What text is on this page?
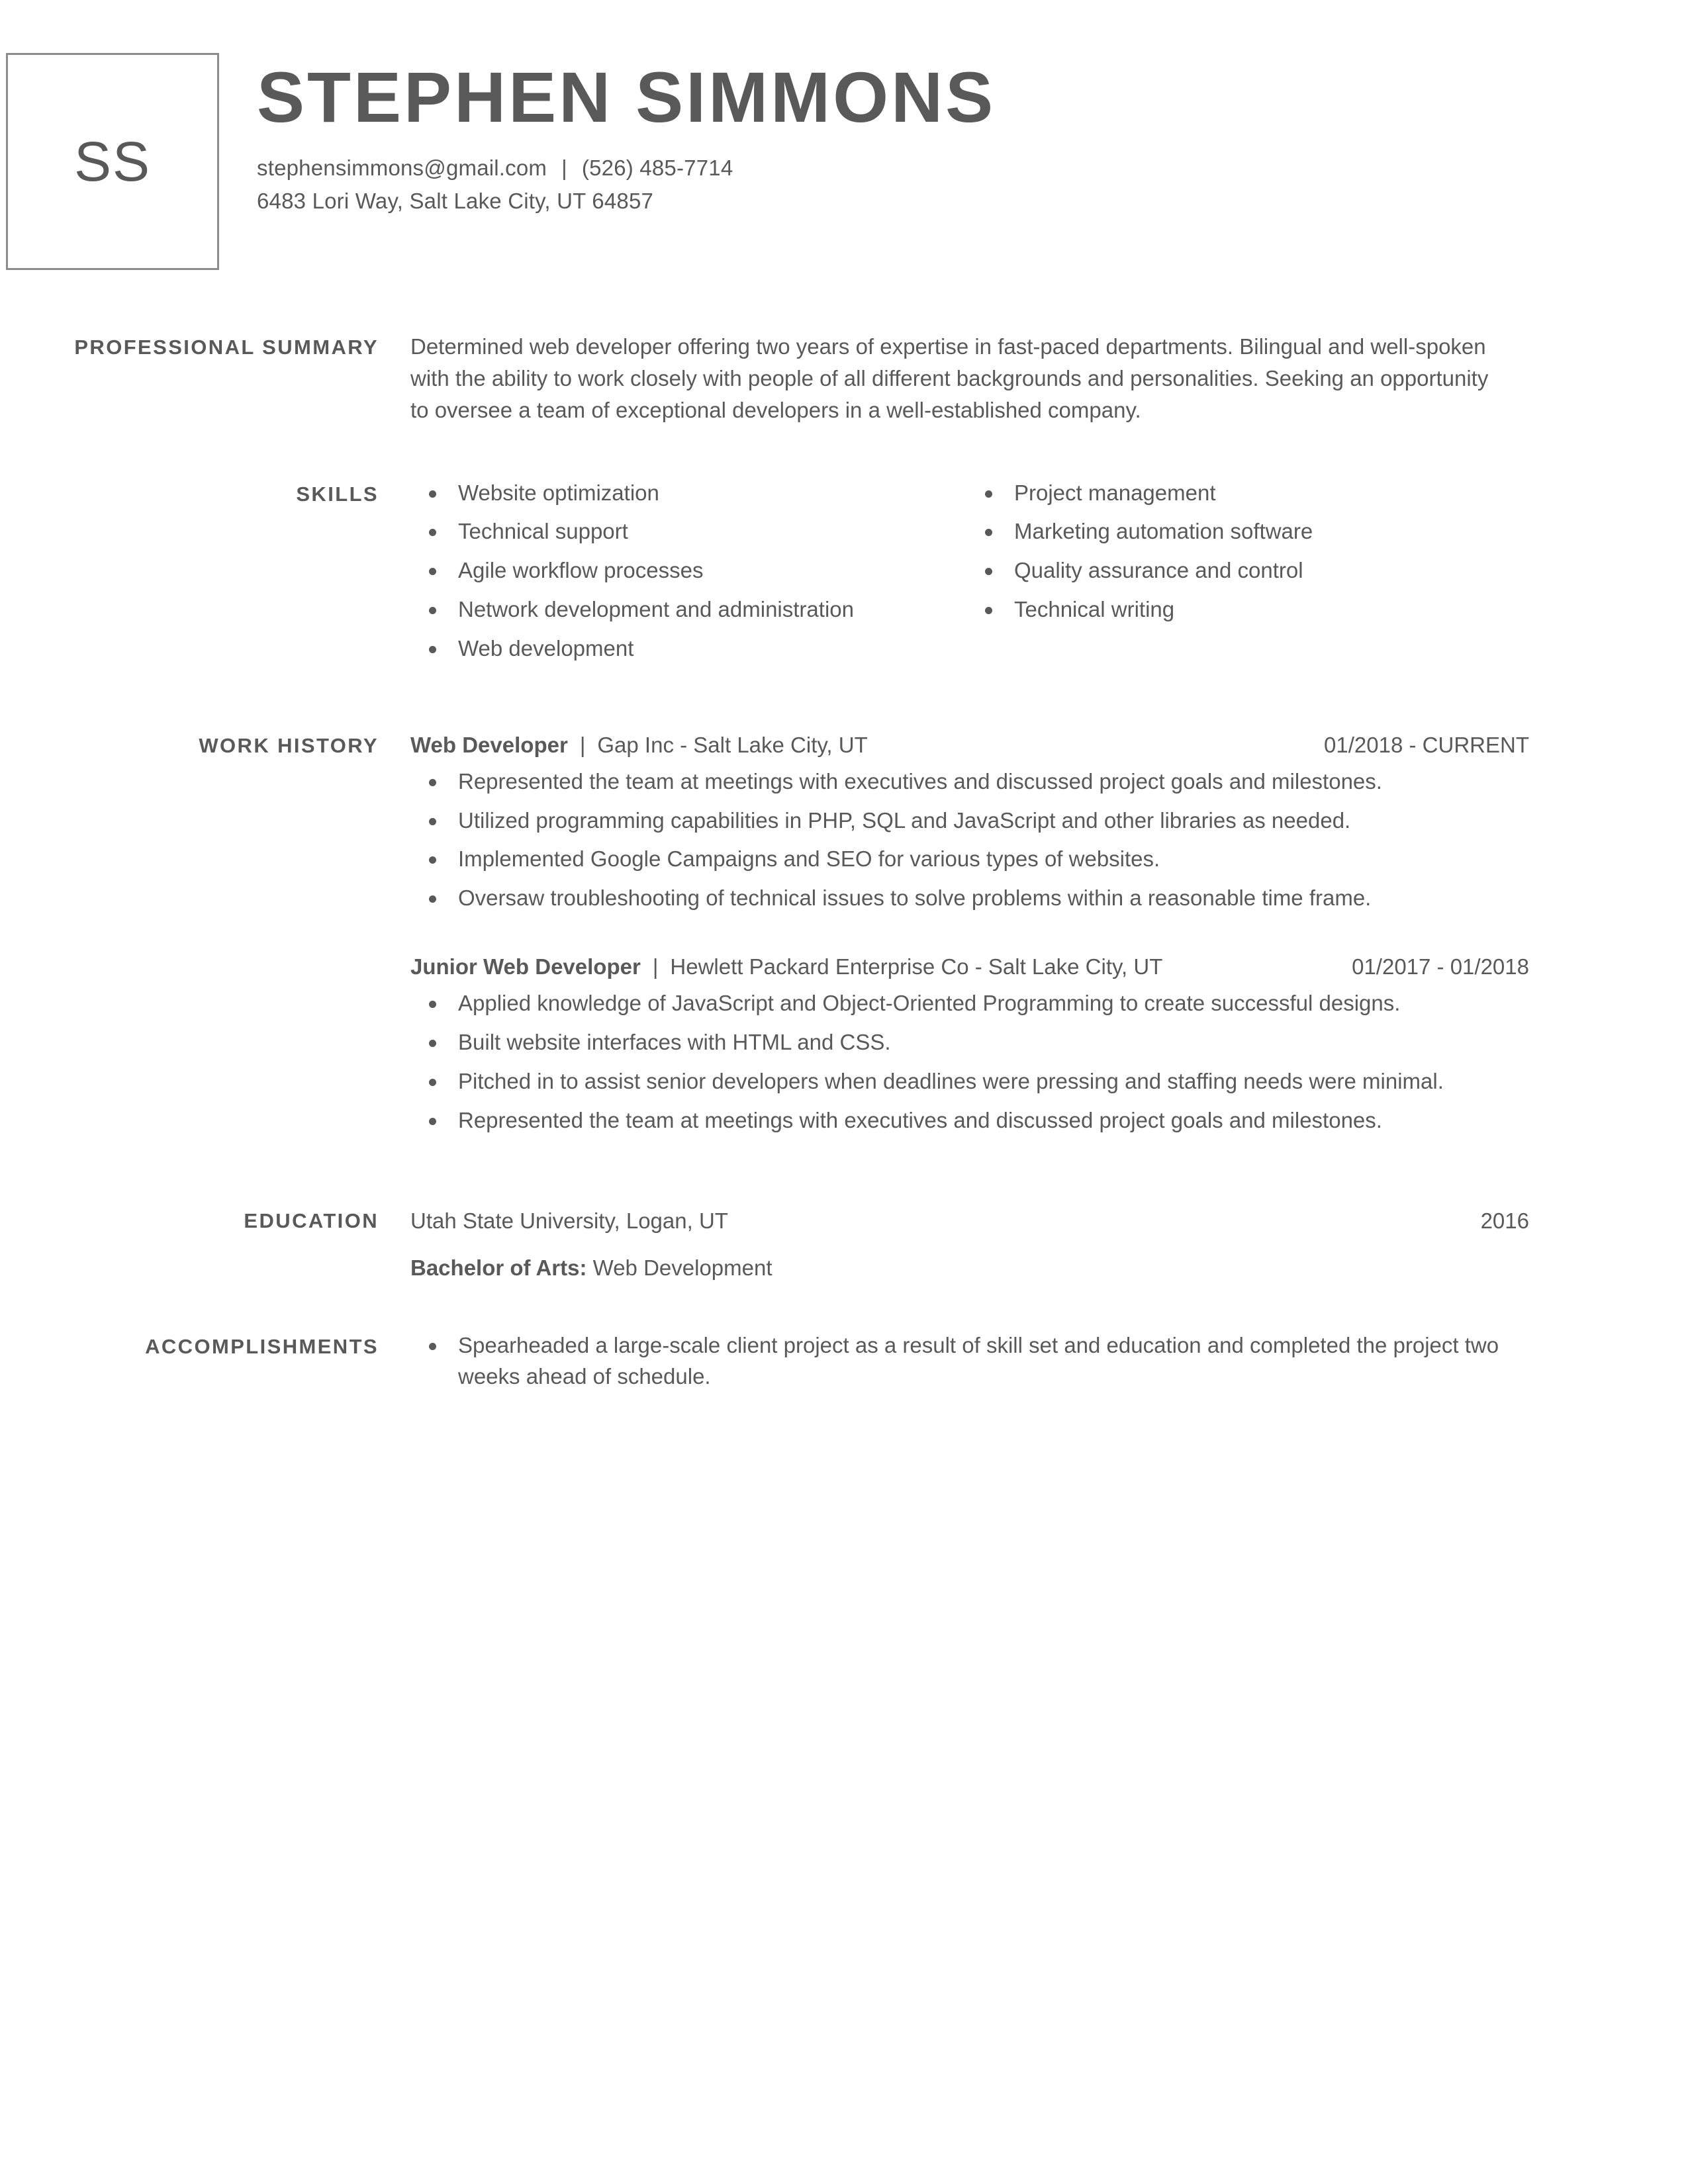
SS
STEPHEN SIMMONS
stephensimmons@gmail.com | (526) 485-7714
6483 Lori Way, Salt Lake City, UT 64857
PROFESSIONAL SUMMARY	Determined web developer offering two years of expertise in fast-paced departments. Bilingual and well-spoken with the ability to work closely with people of all different backgrounds and personalities. Seeking an opportunity to oversee a team of exceptional developers in a well-established company.
SKILLS	Website optimization
Technical support
Agile workflow processes
Network development and administration
Web development
Project management
Marketing automation software
Quality assurance and control
Technical writing
WORK HISTORY	Web Developer | Gap Inc - Salt Lake City, UT	01/2018 - CURRENT
Represented the team at meetings with executives and discussed project goals and milestones.
Utilized programming capabilities in PHP, SQL and JavaScript and other libraries as needed.
Implemented Google Campaigns and SEO for various types of websites.
Oversaw troubleshooting of technical issues to solve problems within a reasonable time frame.
Junior Web Developer | Hewlett Packard Enterprise Co - Salt Lake City, UT	01/2017 - 01/2018
Applied knowledge of JavaScript and Object-Oriented Programming to create successful designs.
Built website interfaces with HTML and CSS.
Pitched in to assist senior developers when deadlines were pressing and staffing needs were minimal.
Represented the team at meetings with executives and discussed project goals and milestones.
EDUCATION	Utah State University, Logan, UT	2016
Bachelor of Arts: Web Development
ACCOMPLISHMENTS	Spearheaded a large-scale client project as a result of skill set and education and completed the project two weeks ahead of schedule.
